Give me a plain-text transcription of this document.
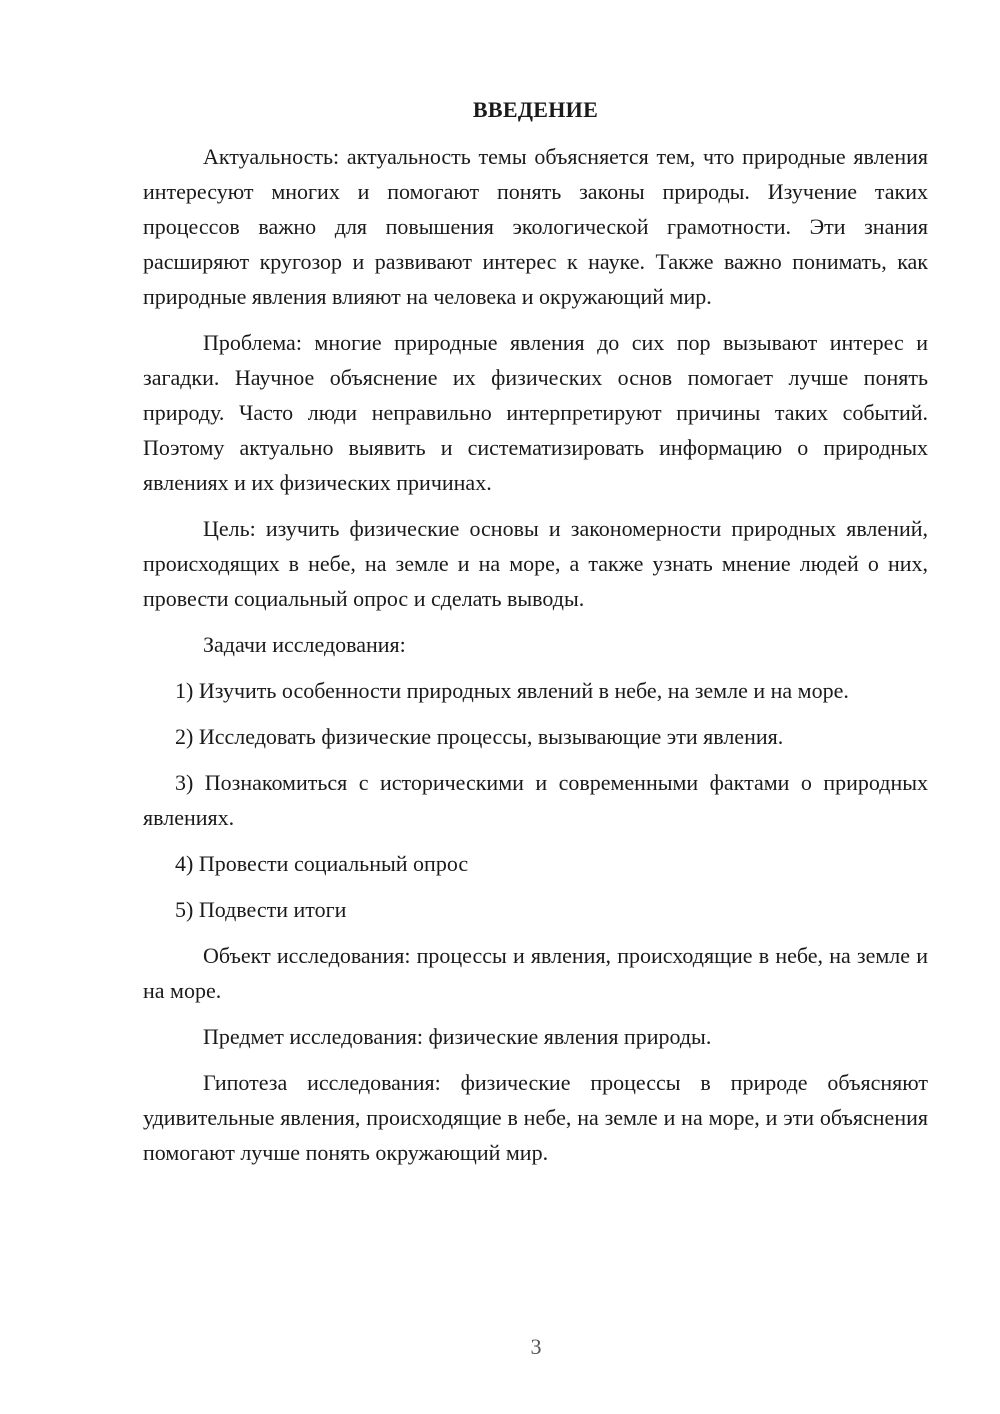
ВВЕДЕНИЕ

Актуальность: актуальность темы объясняется тем, что природные явления интересуют многих и помогают понять законы природы. Изучение таких процессов важно для повышения экологической грамотности. Эти знания расширяют кругозор и развивают интерес к науке. Также важно понимать, как природные явления влияют на человека и окружающий мир.

Проблема: многие природные явления до сих пор вызывают интерес и загадки. Научное объяснение их физических основ помогает лучше понять природу. Часто люди неправильно интерпретируют причины таких событий. Поэтому актуально выявить и систематизировать информацию о природных явлениях и их физических причинах.

Цель: изучить физические основы и закономерности природных явлений, происходящих в небе, на земле и на море, а также узнать мнение людей о них, провести социальный опрос и сделать выводы.

Задачи исследования:

1) Изучить особенности природных явлений в небе, на земле и на море.

2) Исследовать физические процессы, вызывающие эти явления.

3) Познакомиться с историческими и современными фактами о природных явлениях.

4) Провести социальный опрос

5) Подвести итоги

Объект исследования: процессы и явления, происходящие в небе, на земле и на море.

Предмет исследования: физические явления природы.

Гипотеза исследования: физические процессы в природе объясняют удивительные явления, происходящие в небе, на земле и на море, и эти объяснения помогают лучше понять окружающий мир.

3
